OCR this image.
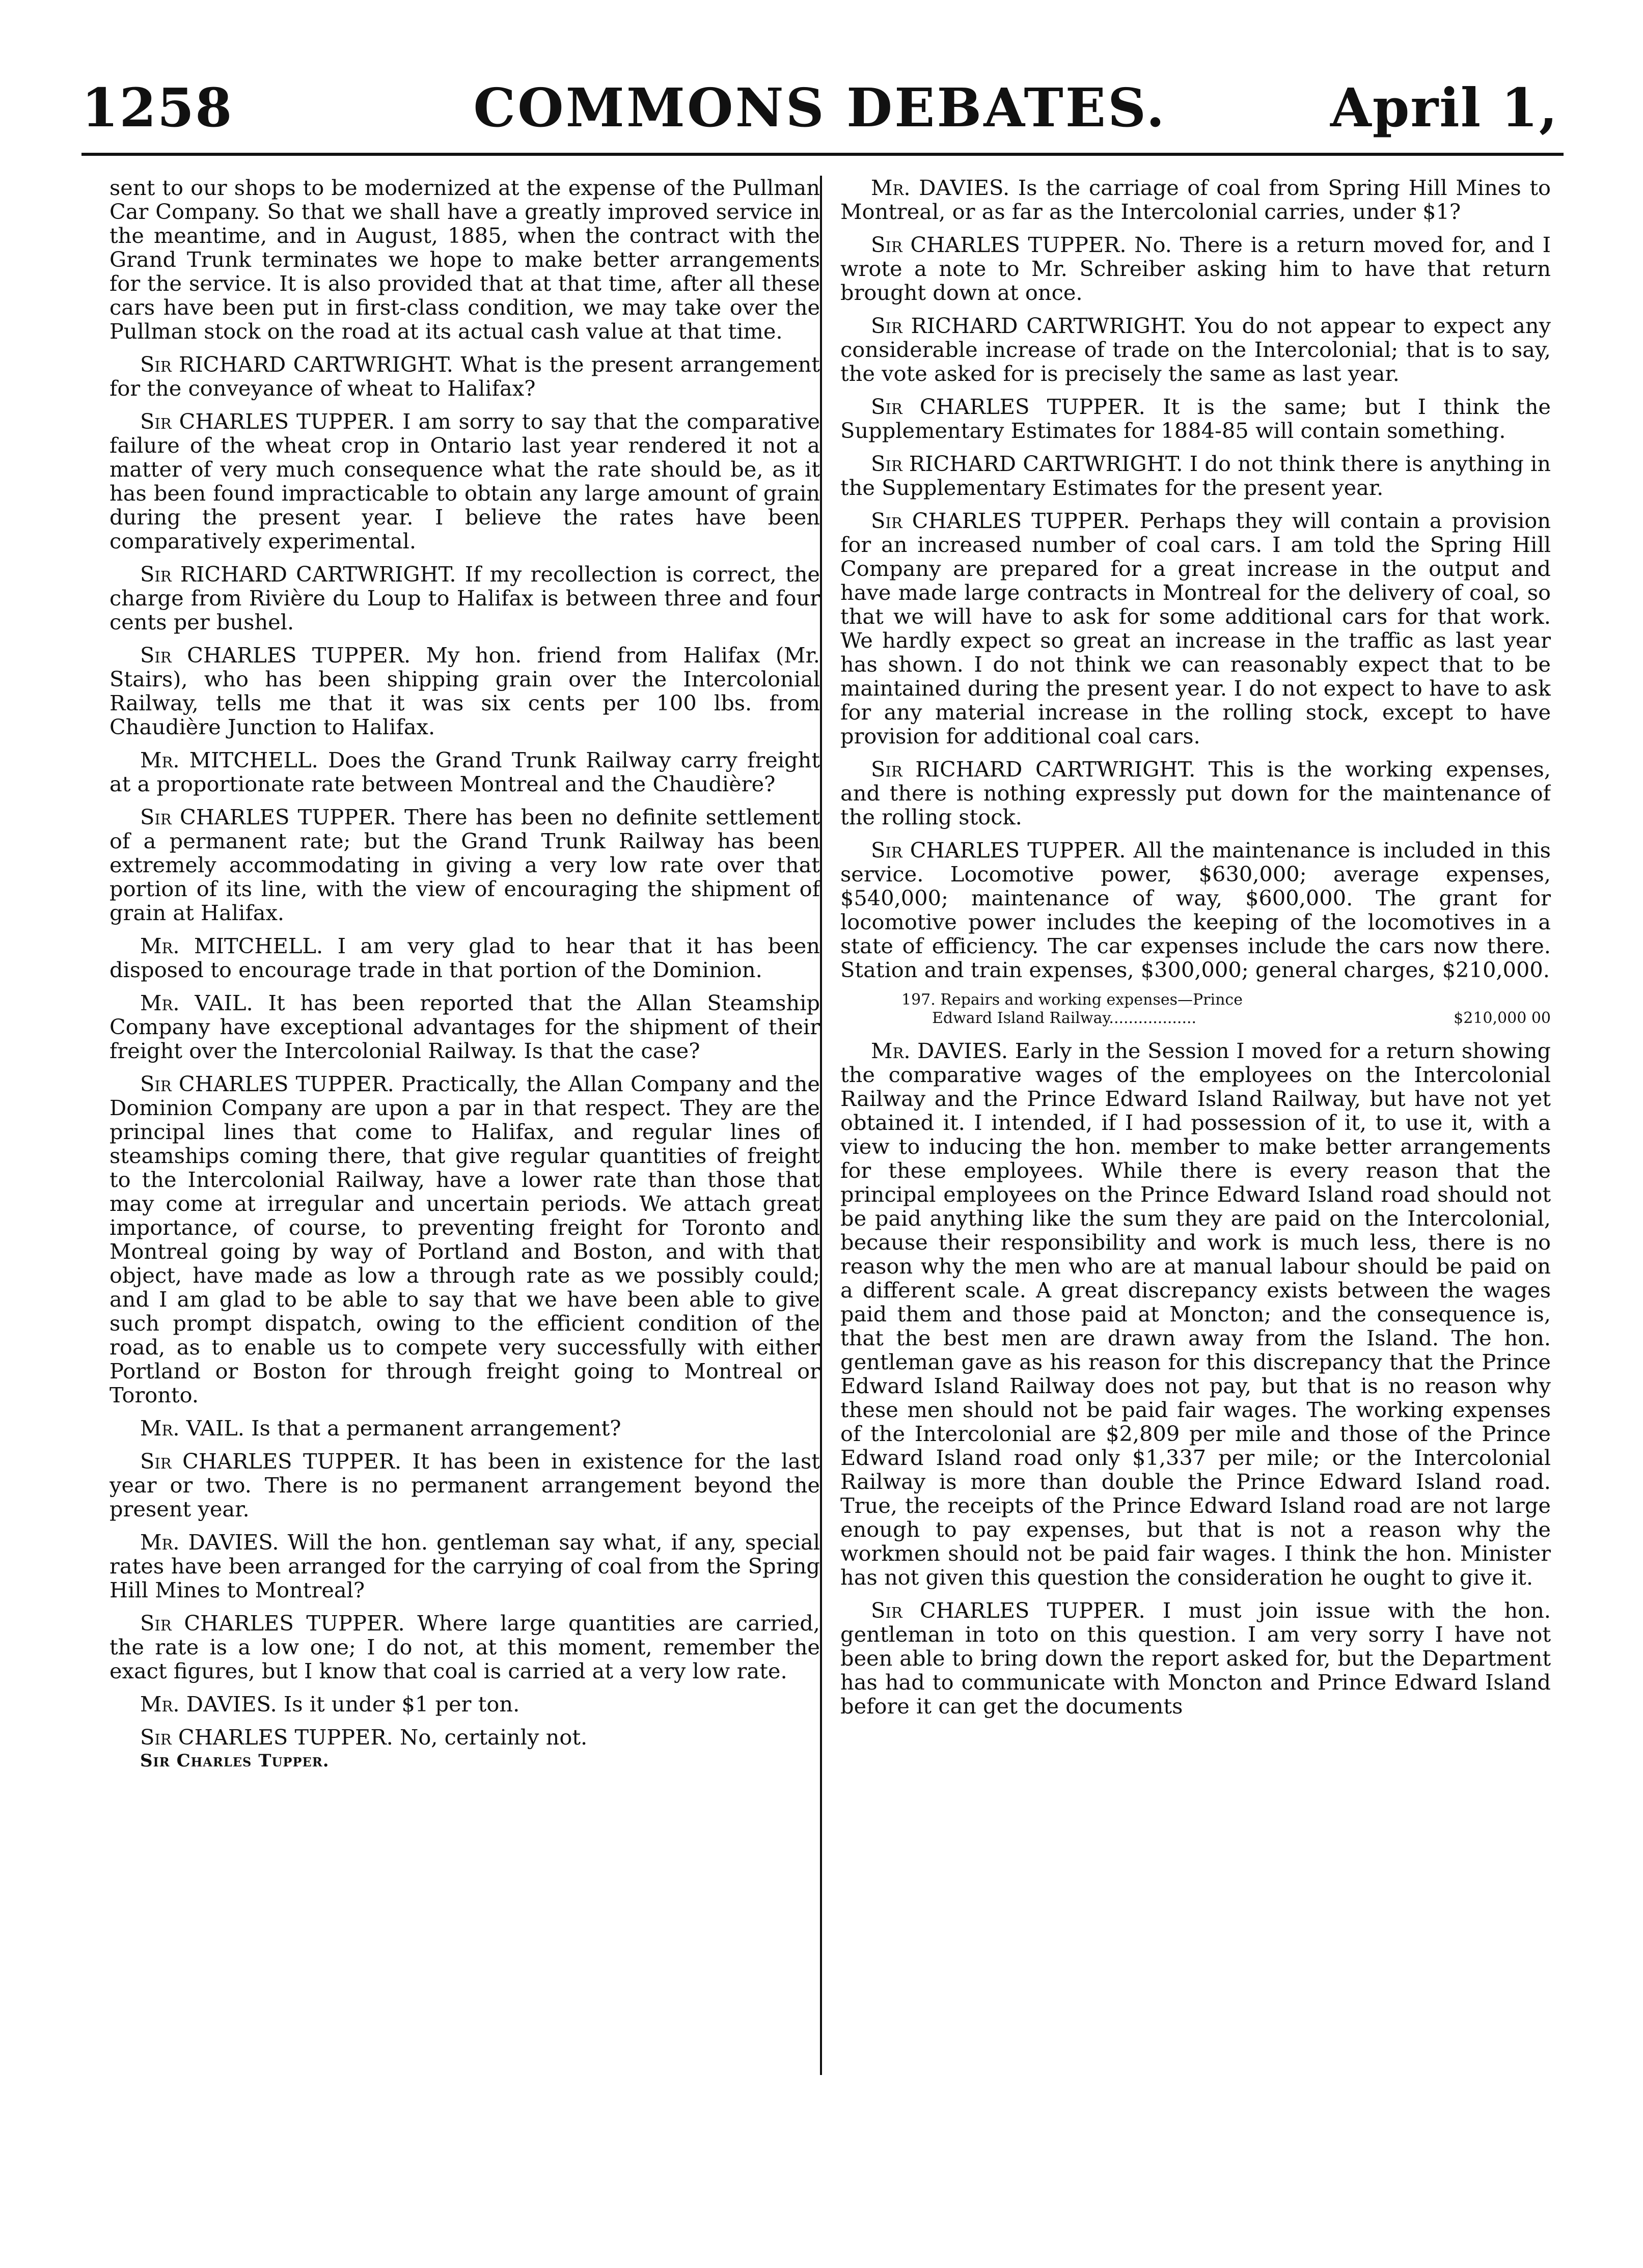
1258	COMMONS DEBATES.	April 1,

sent to our shops to be modernized at the expense of the Pullman Car Company. So that we shall have a greatly improved service in the meantime, and in August, 1885, when the contract with the Grand Trunk terminates we hope to make better arrangements for the service. It is also provided that at that time, after all these cars have been put in first-class condition, we may take over the Pullman stock on the road at its actual cash value at that time.

Sir RICHARD CARTWRIGHT. What is the present arrangement for the conveyance of wheat to Halifax?

Sir CHARLES TUPPER. I am sorry to say that the comparative failure of the wheat crop in Ontario last year rendered it not a matter of very much consequence what the rate should be, as it has been found impracticable to obtain any large amount of grain during the present year. I believe the rates have been comparatively experimental.

Sir RICHARD CARTWRIGHT. If my recollection is correct, the charge from Rivière du Loup to Halifax is between three and four cents per bushel.

Sir CHARLES TUPPER. My hon. friend from Halifax (Mr. Stairs), who has been shipping grain over the Intercolonial Railway, tells me that it was six cents per 100 lbs. from Chaudière Junction to Halifax.

Mr. MITCHELL. Does the Grand Trunk Railway carry freight at a proportionate rate between Montreal and the Chaudière?

Sir CHARLES TUPPER. There has been no definite settlement of a permanent rate; but the Grand Trunk Railway has been extremely accommodating in giving a very low rate over that portion of its line, with the view of encouraging the shipment of grain at Halifax.

Mr. MITCHELL. I am very glad to hear that it has been disposed to encourage trade in that portion of the Dominion.

Mr. VAIL. It has been reported that the Allan Steamship Company have exceptional advantages for the shipment of their freight over the Intercolonial Railway. Is that the case?

Sir CHARLES TUPPER. Practically, the Allan Company and the Dominion Company are upon a par in that respect. They are the principal lines that come to Halifax, and regular lines of steamships coming there, that give regular quantities of freight to the Intercolonial Railway, have a lower rate than those that may come at irregular and uncertain periods. We attach great importance, of course, to preventing freight for Toronto and Montreal going by way of Portland and Boston, and with that object, have made as low a through rate as we possibly could; and I am glad to be able to say that we have been able to give such prompt dispatch, owing to the efficient condition of the road, as to enable us to compete very successfully with either Portland or Boston for through freight going to Montreal or Toronto.

Mr. VAIL. Is that a permanent arrangement?

Sir CHARLES TUPPER. It has been in existence for the last year or two. There is no permanent arrangement beyond the present year.

Mr. DAVIES. Will the hon. gentleman say what, if any, special rates have been arranged for the carrying of coal from the Spring Hill Mines to Montreal?

Sir CHARLES TUPPER. Where large quantities are carried, the rate is a low one; I do not, at this moment, remember the exact figures, but I know that coal is carried at a very low rate.

Mr. DAVIES. Is it under $1 per ton.

Sir CHARLES TUPPER. No, certainly not.

Sir Charles Tupper.

Mr. DAVIES. Is the carriage of coal from Spring Hill Mines to Montreal, or as far as the Intercolonial carries, under $1?

Sir CHARLES TUPPER. No. There is a return moved for, and I wrote a note to Mr. Schreiber asking him to have that return brought down at once.

Sir RICHARD CARTWRIGHT. You do not appear to expect any considerable increase of trade on the Intercolonial; that is to say, the vote asked for is precisely the same as last year.

Sir CHARLES TUPPER. It is the same; but I think the Supplementary Estimates for 1884-85 will contain something.

Sir RICHARD CARTWRIGHT. I do not think there is anything in the Supplementary Estimates for the present year.

Sir CHARLES TUPPER. Perhaps they will contain a provision for an increased number of coal cars. I am told the Spring Hill Company are prepared for a great increase in the output and have made large contracts in Montreal for the delivery of coal, so that we will have to ask for some additional cars for that work. We hardly expect so great an increase in the traffic as last year has shown. I do not think we can reasonably expect that to be maintained during the present year. I do not expect to have to ask for any material increase in the rolling stock, except to have provision for additional coal cars.

Sir RICHARD CARTWRIGHT. This is the working expenses, and there is nothing expressly put down for the maintenance of the rolling stock.

Sir CHARLES TUPPER. All the maintenance is included in this service. Locomotive power, $630,000; average expenses, $540,000; maintenance of way, $600,000. The grant for locomotive power includes the keeping of the locomotives in a state of efficiency. The car expenses include the cars now there. Station and train expenses, $300,000; general charges, $210,000.

197. Repairs and working expenses—Prince
Edward Island Railway..................	$210,000 00

Mr. DAVIES. Early in the Session I moved for a return showing the comparative wages of the employees on the Intercolonial Railway and the Prince Edward Island Railway, but have not yet obtained it. I intended, if I had possession of it, to use it, with a view to inducing the hon. member to make better arrangements for these employees. While there is every reason that the principal employees on the Prince Edward Island road should not be paid anything like the sum they are paid on the Intercolonial, because their responsibility and work is much less, there is no reason why the men who are at manual labour should be paid on a different scale. A great discrepancy exists between the wages paid them and those paid at Moncton; and the consequence is, that the best men are drawn away from the Island. The hon. gentleman gave as his reason for this discrepancy that the Prince Edward Island Railway does not pay, but that is no reason why these men should not be paid fair wages. The working expenses of the Intercolonial are $2,809 per mile and those of the Prince Edward Island road only $1,337 per mile; or the Intercolonial Railway is more than double the Prince Edward Island road. True, the receipts of the Prince Edward Island road are not large enough to pay expenses, but that is not a reason why the workmen should not be paid fair wages. I think the hon. Minister has not given this question the consideration he ought to give it.

Sir CHARLES TUPPER. I must join issue with the hon. gentleman in toto on this question. I am very sorry I have not been able to bring down the report asked for, but the Department has had to communicate with Moncton and Prince Edward Island before it can get the documents
